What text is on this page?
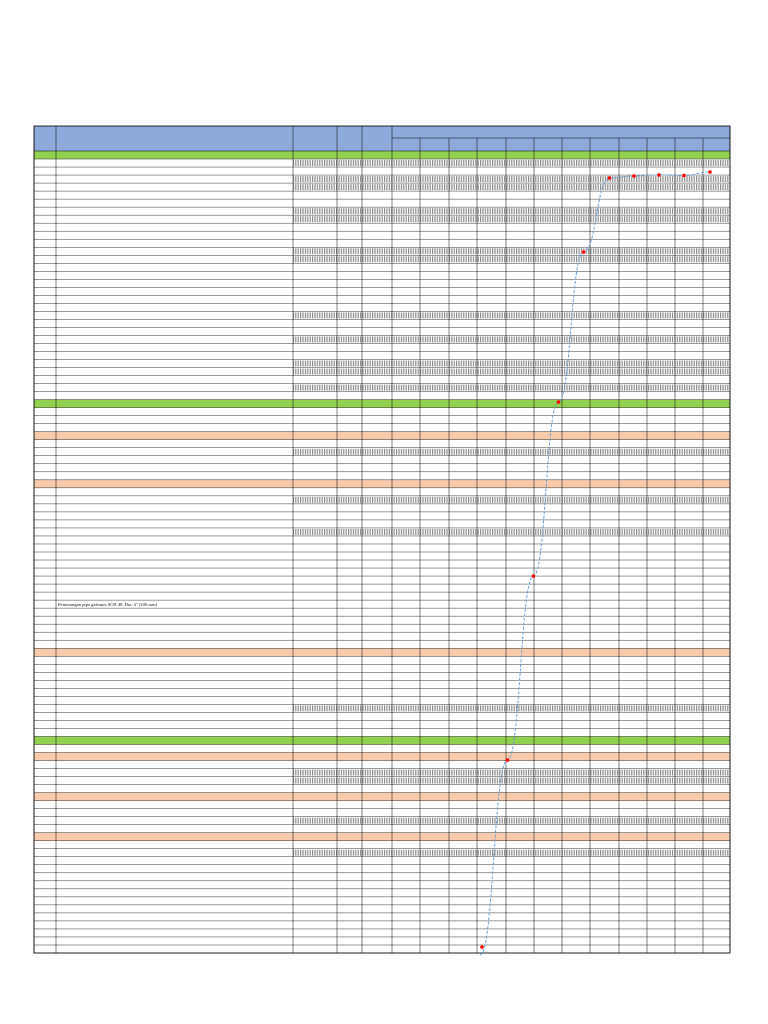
Pemasangan pipa galvanis SCH 40, Dia. 4" (100 mm)
